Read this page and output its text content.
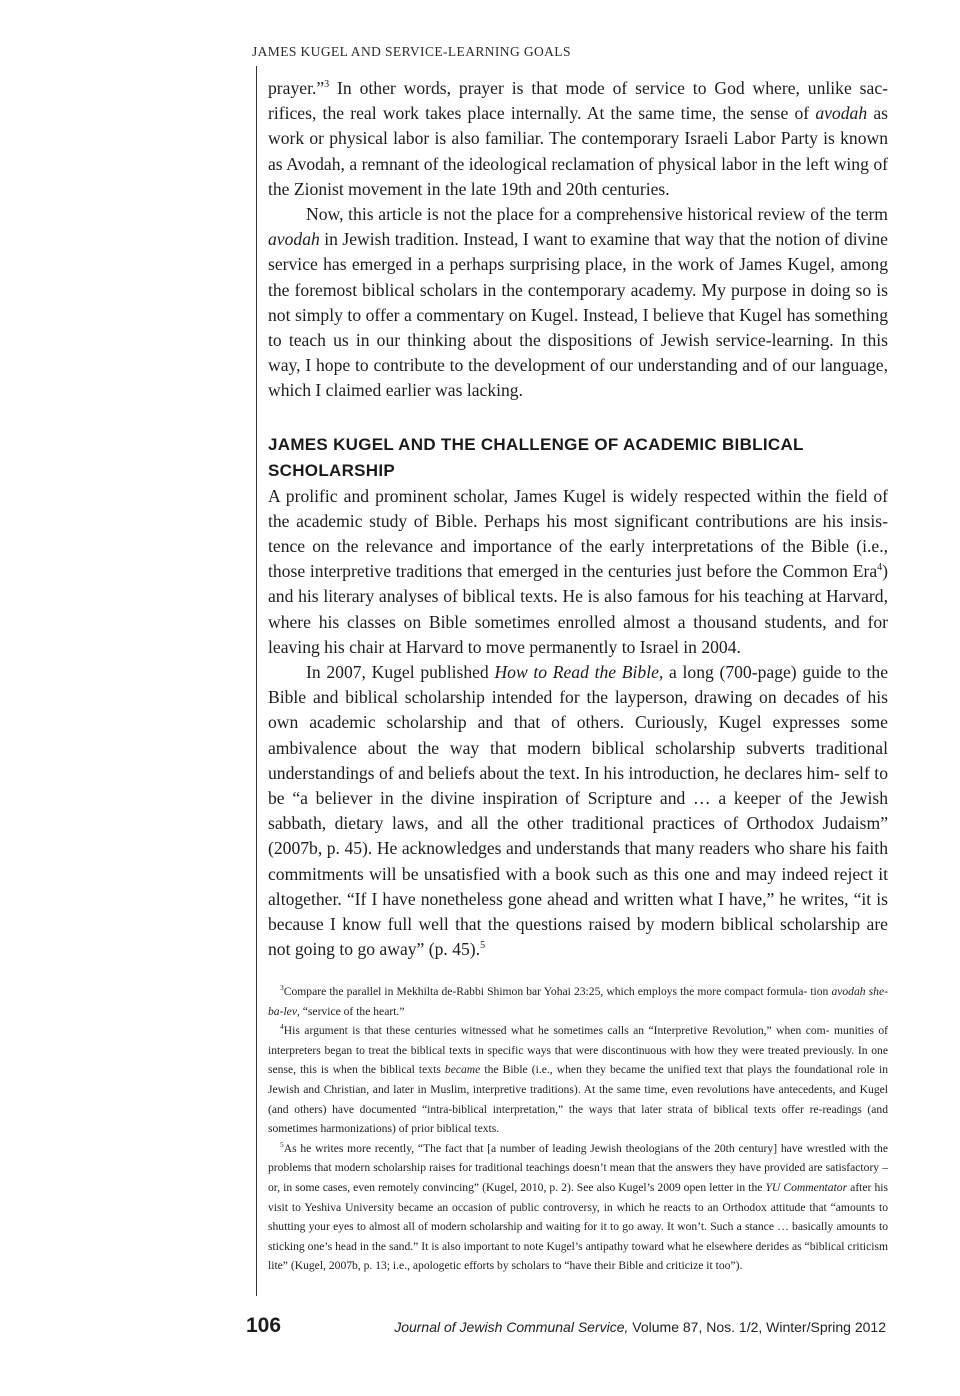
JAMES KUGEL AND SERVICE-LEARNING GOALS

prayer.”$^3$ In other words, prayer is that mode of service to God where, unlike sac- rifices, the real work takes place internally. At the same time, the sense of avodah as work or physical labor is also familiar. The contemporary Israeli Labor Party is known as Avodah, a remnant of the ideological reclamation of physical labor in the left wing of the Zionist movement in the late 19th and 20th centuries.

Now, this article is not the place for a comprehensive historical review of the term avodah in Jewish tradition. Instead, I want to examine that way that the notion of divine service has emerged in a perhaps surprising place, in the work of James Kugel, among the foremost biblical scholars in the contemporary academy. My purpose in doing so is not simply to offer a commentary on Kugel. Instead, I believe that Kugel has something to teach us in our thinking about the dispositions of Jewish service-learning. In this way, I hope to contribute to the development of our understanding and of our language, which I claimed earlier was lacking.

JAMES KUGEL AND THE CHALLENGE OF ACADEMIC BIBLICAL SCHOLARSHIP

A prolific and prominent scholar, James Kugel is widely respected within the field of the academic study of Bible. Perhaps his most significant contributions are his insis- tence on the relevance and importance of the early interpretations of the Bible (i.e., those interpretive traditions that emerged in the centuries just before the Common Era$^4$) and his literary analyses of biblical texts. He is also famous for his teaching at Harvard, where his classes on Bible sometimes enrolled almost a thousand students, and for leaving his chair at Harvard to move permanently to Israel in 2004.

In 2007, Kugel published How to Read the Bible, a long (700-page) guide to the Bible and biblical scholarship intended for the layperson, drawing on decades of his own academic scholarship and that of others. Curiously, Kugel expresses some ambivalence about the way that modern biblical scholarship subverts traditional understandings of and beliefs about the text. In his introduction, he declares him- self to be “a believer in the divine inspiration of Scripture and … a keeper of the Jewish sabbath, dietary laws, and all the other traditional practices of Orthodox Judaism” (2007b, p. 45). He acknowledges and understands that many readers who share his faith commitments will be unsatisfied with a book such as this one and may indeed reject it altogether. “If I have nonetheless gone ahead and written what I have,” he writes, “it is because I know full well that the questions raised by modern biblical scholarship are not going to go away” (p. 45).$^5$

$^3$Compare the parallel in Mekhilta de-Rabbi Shimon bar Yohai 23:25, which employs the more compact formula- tion avodah she-ba-lev, “service of the heart.”

$^4$His argument is that these centuries witnessed what he sometimes calls an “Interpretive Revolution,” when com- munities of interpreters began to treat the biblical texts in specific ways that were discontinuous with how they were treated previously. In one sense, this is when the biblical texts became the Bible (i.e., when they became the unified text that plays the foundational role in Jewish and Christian, and later in Muslim, interpretive traditions). At the same time, even revolutions have antecedents, and Kugel (and others) have documented “intra-biblical interpretation,” the ways that later strata of biblical texts offer re-readings (and sometimes harmonizations) of prior biblical texts.

$^5$As he writes more recently, “The fact that [a number of leading Jewish theologians of the 20th century] have wrestled with the problems that modern scholarship raises for traditional teachings doesn’t mean that the answers they have provided are satisfactory – or, in some cases, even remotely convincing” (Kugel, 2010, p. 2). See also Kugel’s 2009 open letter in the YU Commentator after his visit to Yeshiva University became an occasion of public controversy, in which he reacts to an Orthodox attitude that “amounts to shutting your eyes to almost all of modern scholarship and waiting for it to go away. It won’t. Such a stance … basically amounts to sticking one’s head in the sand.” It is also important to note Kugel’s antipathy toward what he elsewhere derides as “biblical criticism lite” (Kugel, 2007b, p. 13; i.e., apologetic efforts by scholars to “have their Bible and criticize it too”).

106	Journal of Jewish Communal Service, Volume 87, Nos. 1/2, Winter/Spring 2012
